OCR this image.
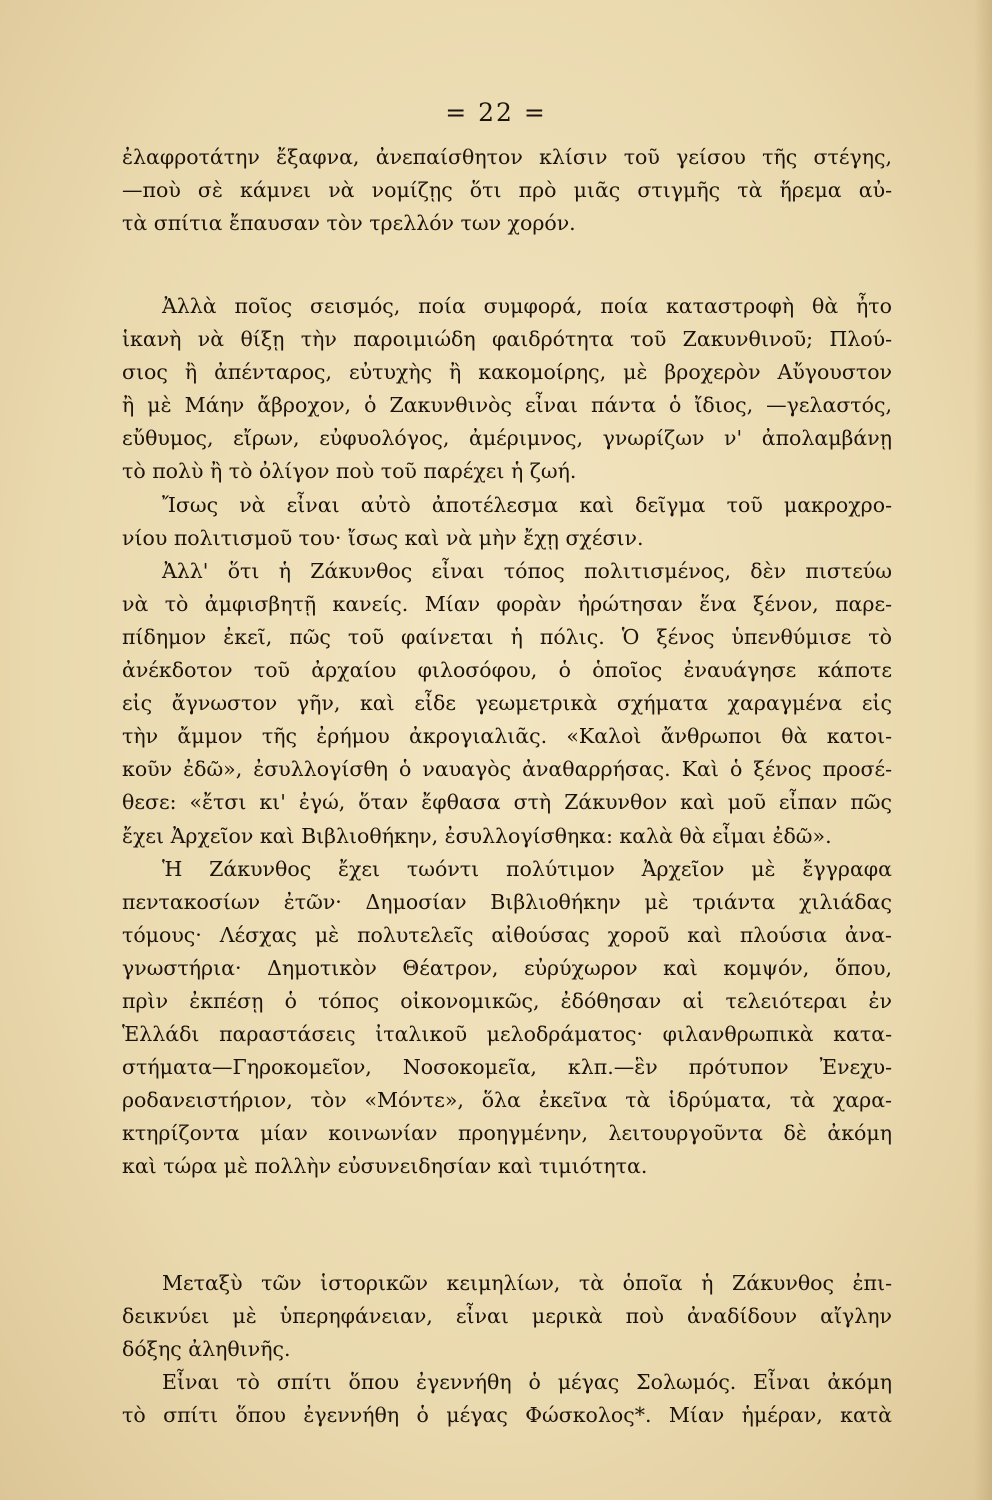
= 22 =
ἐλαφροτάτην ἔξαφνα, ἀνεπαίσθητον κλίσιν τοῦ γείσου τῆς στέγης,
—ποὺ σὲ κάμνει νὰ νομίζῃς ὅτι πρὸ μιᾶς στιγμῆς τὰ ἥρεμα αὐ-
τὰ σπίτια ἔπαυσαν τὸν τρελλόν των χορόν.
Ἀλλὰ ποῖος σεισμός, ποία συμφορά, ποία καταστροφὴ θὰ ἦτο
ἱκανὴ νὰ θίξῃ τὴν παροιμιώδη φαιδρότητα τοῦ Ζακυνθινοῦ; Πλού-
σιος ἢ ἀπένταρος, εὐτυχὴς ἢ κακομοίρης, μὲ βροχερὸν Αὔγουστον
ἢ μὲ Μάην ἄβροχον, ὁ Ζακυνθινὸς εἶναι πάντα ὁ ἴδιος, —γελαστός,
εὔθυμος, εἴρων, εὐφυολόγος, ἀμέριμνος, γνωρίζων ν' ἀπολαμβάνῃ
τὸ πολὺ ἢ τὸ ὀλίγον ποὺ τοῦ παρέχει ἡ ζωή.
Ἴσως νὰ εἶναι αὐτὸ ἀποτέλεσμα καὶ δεῖγμα τοῦ μακροχρο-
νίου πολιτισμοῦ του· ἴσως καὶ νὰ μὴν ἔχῃ σχέσιν.
Ἀλλ' ὅτι ἡ Ζάκυνθος εἶναι τόπος πολιτισμένος, δὲν πιστεύω
νὰ τὸ ἀμφισβητῇ κανείς. Μίαν φορὰν ἠρώτησαν ἕνα ξένον, παρε-
πίδημον ἐκεῖ, πῶς τοῦ φαίνεται ἡ πόλις. Ὁ ξένος ὑπενθύμισε τὸ
ἀνέκδοτον τοῦ ἀρχαίου φιλοσόφου, ὁ ὁποῖος ἐναυάγησε κάποτε
εἰς ἄγνωστον γῆν, καὶ εἶδε γεωμετρικὰ σχήματα χαραγμένα εἰς
τὴν ἄμμον τῆς ἐρήμου ἀκρογιαλιᾶς. «Καλοὶ ἄνθρωποι θὰ κατοι-
κοῦν ἐδῶ», ἐσυλλογίσθη ὁ ναυαγὸς ἀναθαρρήσας. Καὶ ὁ ξένος προσέ-
θεσε: «ἔτσι κι' ἐγώ, ὅταν ἔφθασα στὴ Ζάκυνθον καὶ μοῦ εἶπαν πῶς
ἔχει Ἀρχεῖον καὶ Βιβλιοθήκην, ἐσυλλογίσθηκα: καλὰ θὰ εἶμαι ἐδῶ».
Ἡ Ζάκυνθος ἔχει τωόντι πολύτιμον Ἀρχεῖον μὲ ἔγγραφα
πεντακοσίων ἐτῶν· Δημοσίαν Βιβλιοθήκην μὲ τριάντα χιλιάδας
τόμους· Λέσχας μὲ πολυτελεῖς αἰθούσας χοροῦ καὶ πλούσια ἀνα-
γνωστήρια· Δημοτικὸν Θέατρον, εὐρύχωρον καὶ κομψόν, ὅπου,
πρὶν ἐκπέσῃ ὁ τόπος οἰκονομικῶς, ἐδόθησαν αἱ τελειότεραι ἐν
Ἑλλάδι παραστάσεις ἰταλικοῦ μελοδράματος· φιλανθρωπικὰ κατα-
στήματα—Γηροκομεῖον, Νοσοκομεῖα, κλπ.—ἓν πρότυπον Ἐνεχυ-
ροδανειστήριον, τὸν «Μόντε», ὅλα ἐκεῖνα τὰ ἱδρύματα, τὰ χαρα-
κτηρίζοντα μίαν κοινωνίαν προηγμένην, λειτουργοῦντα δὲ ἀκόμη
καὶ τώρα μὲ πολλὴν εὐσυνειδησίαν καὶ τιμιότητα.
Μεταξὺ τῶν ἱστορικῶν κειμηλίων, τὰ ὁποῖα ἡ Ζάκυνθος ἐπι-
δεικνύει μὲ ὑπερηφάνειαν, εἶναι μερικὰ ποὺ ἀναδίδουν αἴγλην
δόξης ἀληθινῆς.
Εἶναι τὸ σπίτι ὅπου ἐγεννήθη ὁ μέγας Σολωμός. Εἶναι ἀκόμη
τὸ σπίτι ὅπου ἐγεννήθη ὁ μέγας Φώσκολος*. Μίαν ἡμέραν, κατὰ
